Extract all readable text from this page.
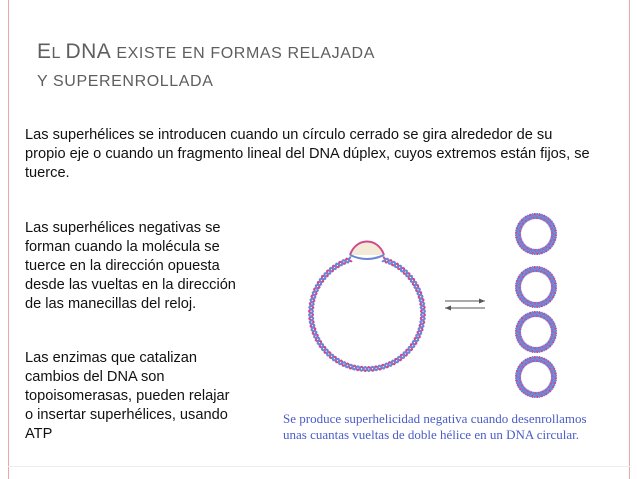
EL DNA EXISTE EN FORMAS RELAJADA
Y SUPERENROLLADA
Las superhélices se introducen cuando un círculo cerrado se gira alrededor de su propio eje o cuando un fragmento lineal del DNA dúplex, cuyos extremos están fijos, se tuerce.
Las superhélices negativas se forman cuando la molécula se tuerce en la dirección opuesta desde las vueltas en la dirección de las manecillas del reloj.
Las enzimas que catalizan cambios del DNA son topoisomerasas, pueden relajar o insertar superhélices, usando ATP
Se produce superhelicidad negativa cuando desenrollamos unas cuantas vueltas de doble hélice en un DNA circular.
